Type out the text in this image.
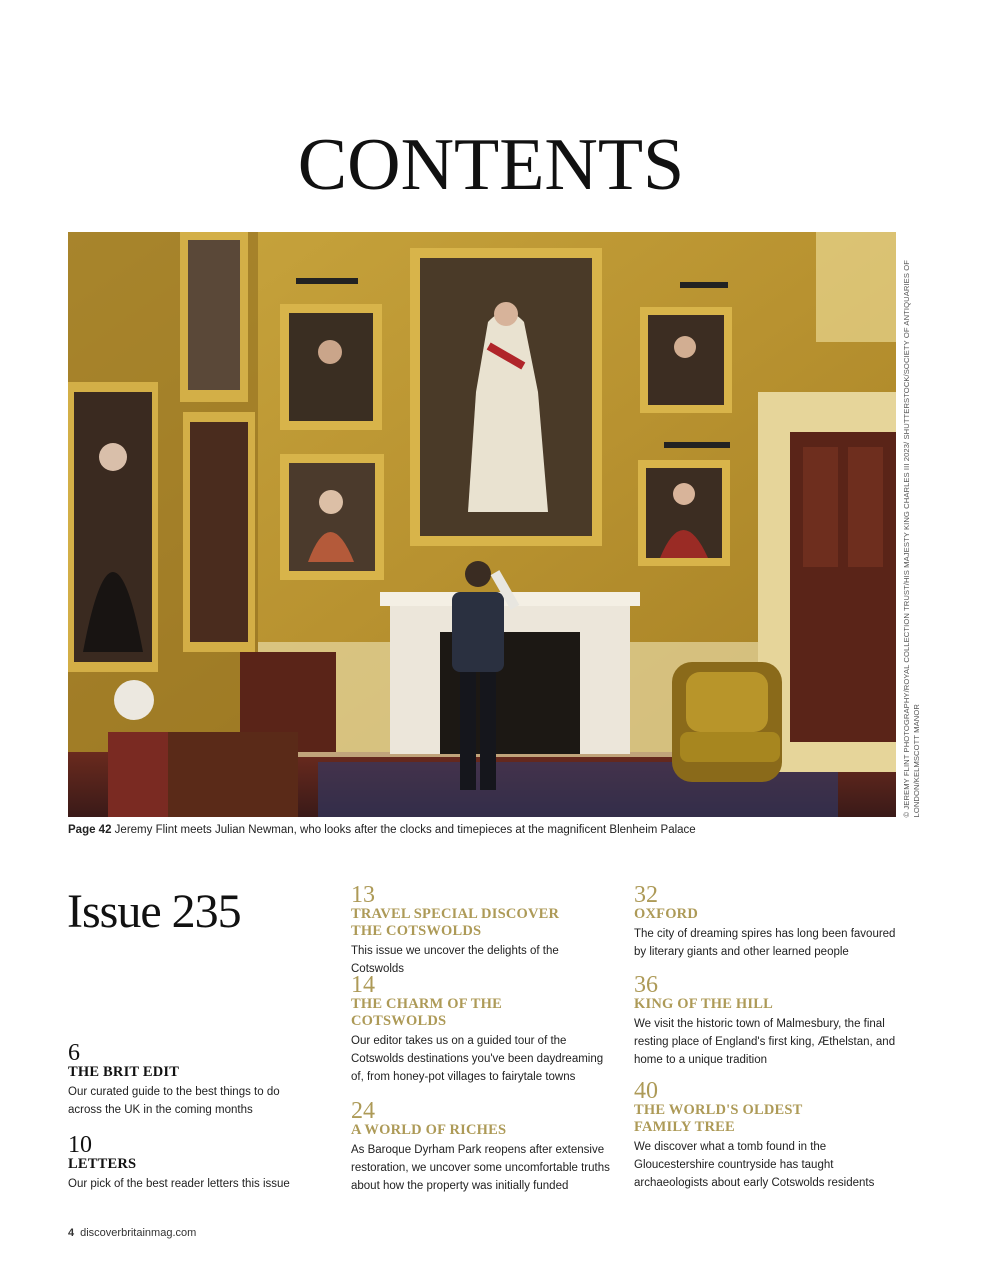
CONTENTS
© JEREMY FLINT PHOTOGRAPHY/ROYAL COLLECTION TRUST/HIS MAJESTY KING CHARLES III 2023/ SHUTTERSTOCK/SOCIETY OF ANTIQUARIES OF LONDON/KELMSCOTT MANOR
Page 42 Jeremy Flint meets Julian Newman, who looks after the clocks and timepieces at the magnificent Blenheim Palace
Issue 235
6
THE BRIT EDIT
Our curated guide to the best things to do across the UK in the coming months
10
LETTERS
Our pick of the best reader letters this issue
13
TRAVEL SPECIAL DISCOVER THE COTSWOLDS
This issue we uncover the delights of the Cotswolds
14
THE CHARM OF THE COTSWOLDS
Our editor takes us on a guided tour of the Cotswolds destinations you've been daydreaming of, from honey-pot villages to fairytale towns
24
A WORLD OF RICHES
As Baroque Dyrham Park reopens after extensive restoration, we uncover some uncomfortable truths about how the property was initially funded
32
OXFORD
The city of dreaming spires has long been favoured by literary giants and other learned people
36
KING OF THE HILL
We visit the historic town of Malmesbury, the final resting place of England's first king, Æthelstan, and home to a unique tradition
40
THE WORLD'S OLDEST FAMILY TREE
We discover what a tomb found in the Gloucestershire countryside has taught archaeologists about early Cotswolds residents
4 discoverbritainmag.com
